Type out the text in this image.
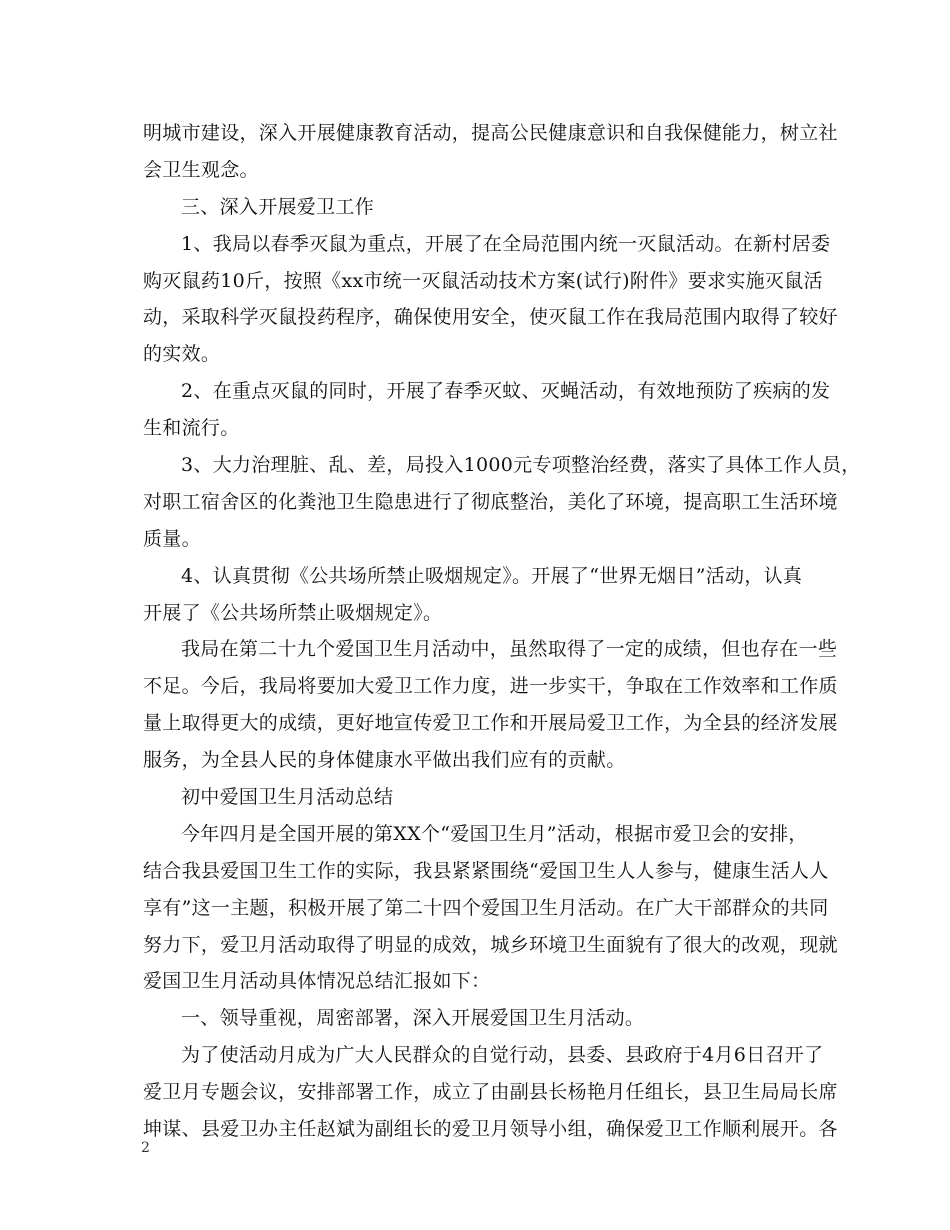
明城市建设，深入开展健康教育活动，提高公民健康意识和自我保健能力，树立社
会卫生观念。
三、深入开展爱卫工作
1、我局以春季灭鼠为重点，开展了在全局范围内统一灭鼠活动。在新村居委
购灭鼠药10斤，按照《xx市统一灭鼠活动技术方案(试行)附件》要求实施灭鼠活
动，采取科学灭鼠投药程序，确保使用安全，使灭鼠工作在我局范围内取得了较好
的实效。
2、在重点灭鼠的同时，开展了春季灭蚊、灭蝇活动，有效地预防了疾病的发
生和流行。
3、大力治理脏、乱、差，局投入1000元专项整治经费，落实了具体工作人员，
对职工宿舍区的化粪池卫生隐患进行了彻底整治，美化了环境，提高职工生活环境
质量。
4、认真贯彻《公共场所禁止吸烟规定》。开展了“世界无烟日”活动，认真
开展了《公共场所禁止吸烟规定》。
我局在第二十九个爱国卫生月活动中，虽然取得了一定的成绩，但也存在一些
不足。今后，我局将要加大爱卫工作力度，进一步实干，争取在工作效率和工作质
量上取得更大的成绩，更好地宣传爱卫工作和开展局爱卫工作，为全县的经济发展
服务，为全县人民的身体健康水平做出我们应有的贡献。
初中爱国卫生月活动总结
今年四月是全国开展的第XX个“爱国卫生月”活动，根据市爱卫会的安排，
结合我县爱国卫生工作的实际，我县紧紧围绕“爱国卫生人人参与，健康生活人人
享有”这一主题，积极开展了第二十四个爱国卫生月活动。在广大干部群众的共同
努力下，爱卫月活动取得了明显的成效，城乡环境卫生面貌有了很大的改观，现就
爱国卫生月活动具体情况总结汇报如下：
一、领导重视，周密部署，深入开展爱国卫生月活动。
为了使活动月成为广大人民群众的自觉行动，县委、县政府于4月6日召开了
爱卫月专题会议，安排部署工作，成立了由副县长杨艳月任组长，县卫生局局长席
坤谋、县爱卫办主任赵斌为副组长的爱卫月领导小组，确保爱卫工作顺利展开。各
2
